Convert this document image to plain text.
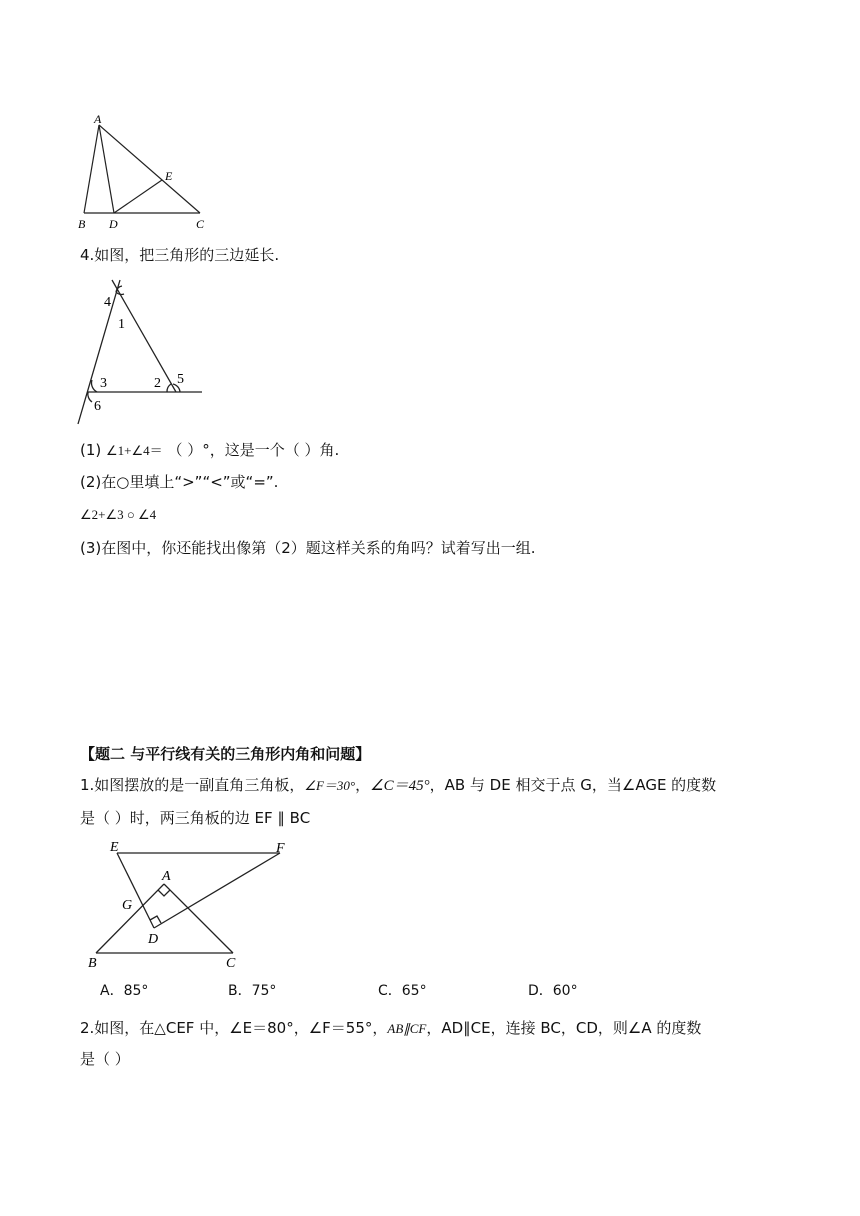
A
B D	C
E
4.如图，把三角形的三边延长.
4
1
3	2 5
6
(1) ∠1+∠4＝ （ ）°，这是一个（ ）角.
(2)在○里填上“>”“<”或“=”.
∠2+∠3 ○ ∠4
(3)在图中，你还能找出像第（2）题这样关系的角吗？试着写出一组.
【题二 与平行线有关的三角形内角和问题】
1.如图摆放的是一副直角三角板，∠F＝30°，∠C＝45°，AB 与 DE 相交于点 G，当∠AGE 的度数
是（ ）时，两三角板的边 EF ∥ BC
E	F
A
G
D
B	C
A．85°	B．75°	C．65°	D．60°
2.如图，在△CEF 中，∠E＝80°，∠F＝55°，AB∥CF，AD∥CE，连接 BC，CD，则∠A 的度数
是（ ）
